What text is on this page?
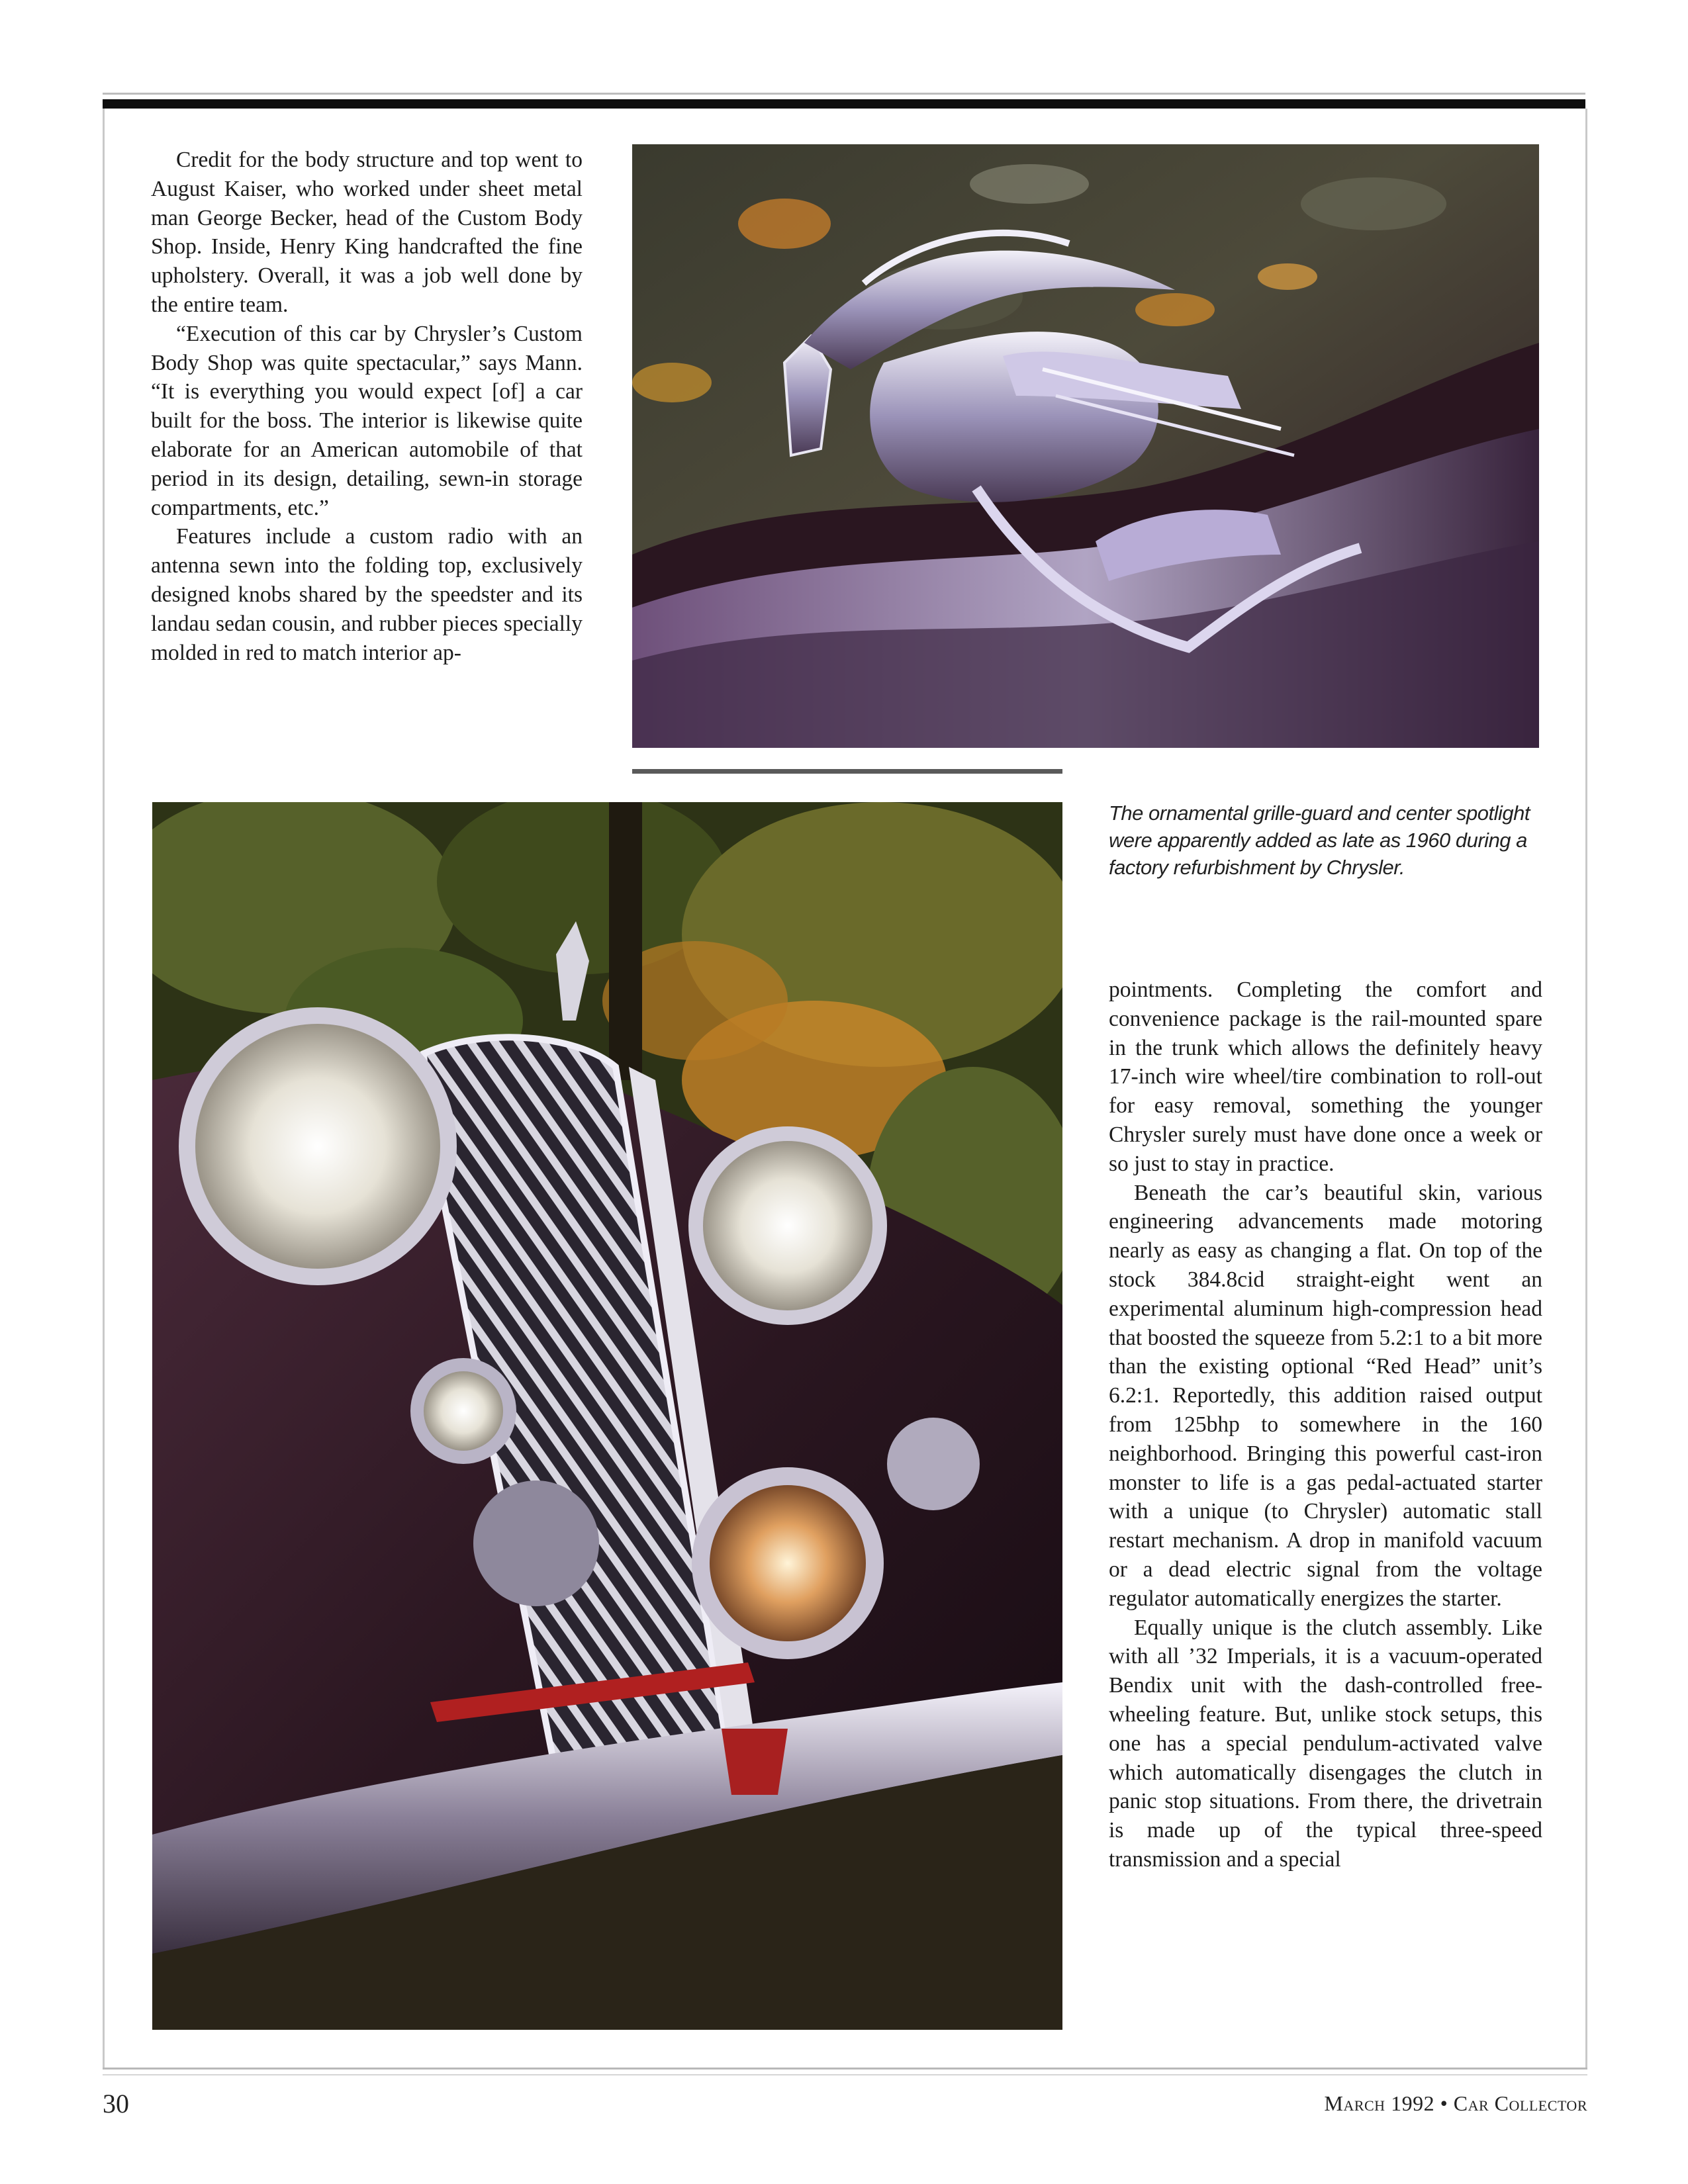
Credit for the body structure and top went to August Kaiser, who worked under sheet metal man George Becker, head of the Custom Body Shop. Inside, Henry King handcrafted the fine upholstery. Overall, it was a job well done by the entire team.

“Execution of this car by Chrysler’s Custom Body Shop was quite spectacular,” says Mann. “It is everything you would expect [of] a car built for the boss. The interior is likewise quite elaborate for an American automobile of that period in its design, detailing, sewn-in storage compartments, etc.”

Features include a custom radio with an antenna sewn into the folding top, exclusively designed knobs shared by the speedster and its landau sedan cousin, and rubber pieces specially molded in red to match interior ap-

The ornamental grille-guard and center spotlight were apparently added as late as 1960 during a factory refurbishment by Chrysler.

pointments. Completing the comfort and convenience package is the rail-mounted spare in the trunk which allows the definitely heavy 17-inch wire wheel/tire combination to roll-out for easy removal, something the younger Chrysler surely must have done once a week or so just to stay in practice.

Beneath the car’s beautiful skin, various engineering advancements made motoring nearly as easy as changing a flat. On top of the stock 384.8cid straight-eight went an experimental aluminum high-compression head that boosted the squeeze from 5.2:1 to a bit more than the existing optional “Red Head” unit’s 6.2:1. Reportedly, this addition raised output from 125bhp to somewhere in the 160 neighborhood. Bringing this powerful cast-iron monster to life is a gas pedal-actuated starter with a unique (to Chrysler) automatic stall restart mechanism. A drop in manifold vacuum or a dead electric signal from the voltage regulator automatically energizes the starter.

Equally unique is the clutch assembly. Like with all ’32 Imperials, it is a vacuum-operated Bendix unit with the dash-controlled free-wheeling feature. But, unlike stock setups, this one has a special pendulum-activated valve which automatically disengages the clutch in panic stop situations. From there, the drivetrain is made up of the typical three-speed transmission and a special

30	March 1992 • Car Collector
